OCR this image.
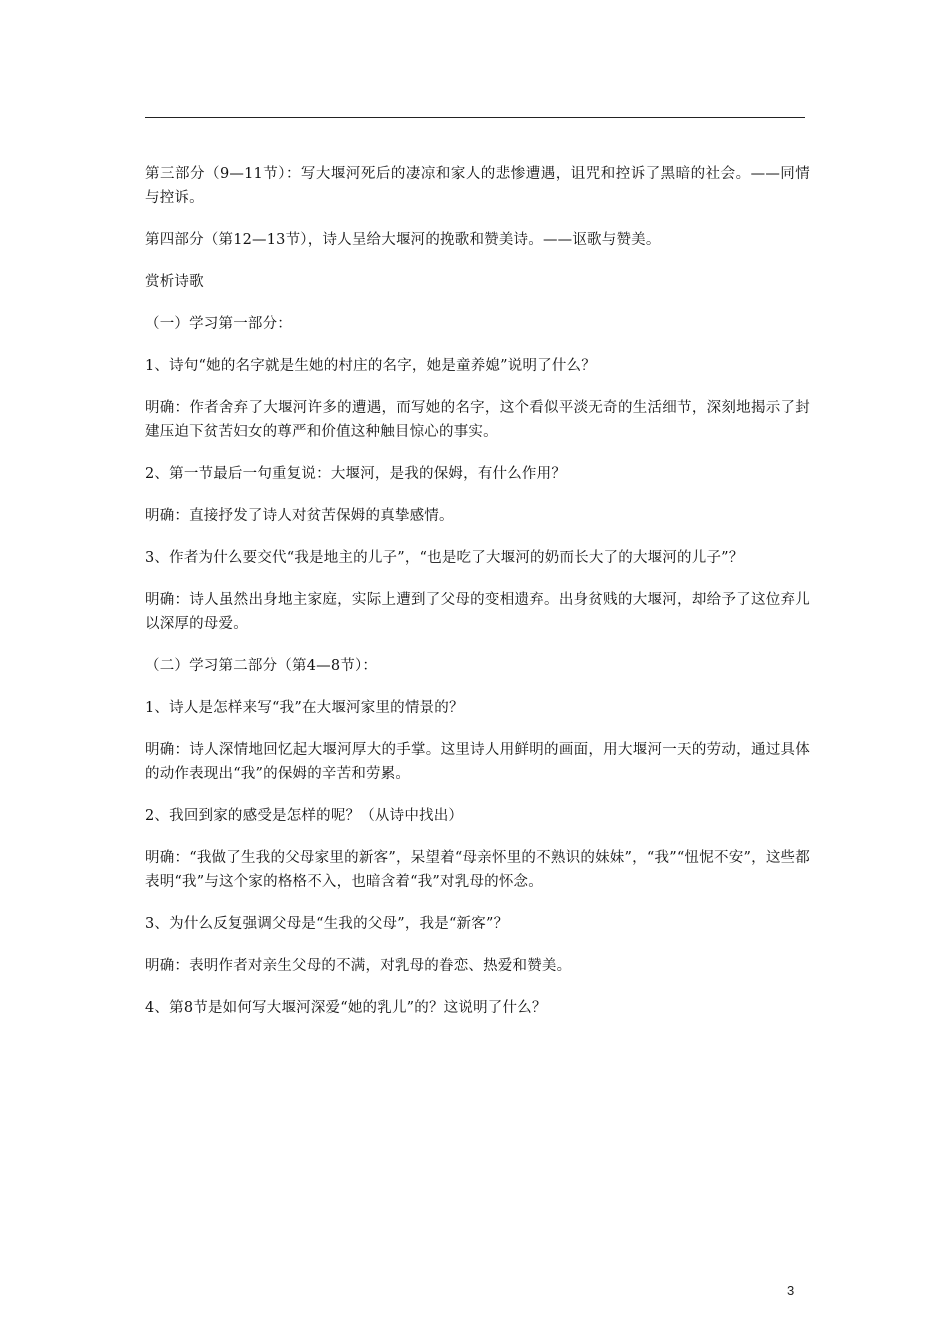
第三部分（9—11节）：写大堰河死后的凄凉和家人的悲惨遭遇，诅咒和控诉了黑暗的社会。——同情与控诉。

第四部分（第12—13节），诗人呈给大堰河的挽歌和赞美诗。——讴歌与赞美。

赏析诗歌

（一）学习第一部分：

1、诗句“她的名字就是生她的村庄的名字，她是童养媳”说明了什么？

明确：作者舍弃了大堰河许多的遭遇，而写她的名字，这个看似平淡无奇的生活细节，深刻地揭示了封建压迫下贫苦妇女的尊严和价值这种触目惊心的事实。

2、第一节最后一句重复说：大堰河，是我的保姆，有什么作用？

明确：直接抒发了诗人对贫苦保姆的真挚感情。

3、作者为什么要交代“我是地主的儿子”，“也是吃了大堰河的奶而长大了的大堰河的儿子”？

明确：诗人虽然出身地主家庭，实际上遭到了父母的变相遗弃。出身贫贱的大堰河，却给予了这位弃儿以深厚的母爱。

（二）学习第二部分（第4—8节）：

1、诗人是怎样来写“我”在大堰河家里的情景的？

明确：诗人深情地回忆起大堰河厚大的手掌。这里诗人用鲜明的画面，用大堰河一天的劳动，通过具体的动作表现出“我”的保姆的辛苦和劳累。

2、我回到家的感受是怎样的呢？（从诗中找出）

明确：“我做了生我的父母家里的新客”，呆望着“母亲怀里的不熟识的妹妹”，“我”“忸怩不安”，这些都表明“我”与这个家的格格不入，也暗含着“我”对乳母的怀念。

3、为什么反复强调父母是“生我的父母”，我是“新客”？

明确：表明作者对亲生父母的不满，对乳母的眷恋、热爱和赞美。

4、第8节是如何写大堰河深爱“她的乳儿”的？这说明了什么？

3
